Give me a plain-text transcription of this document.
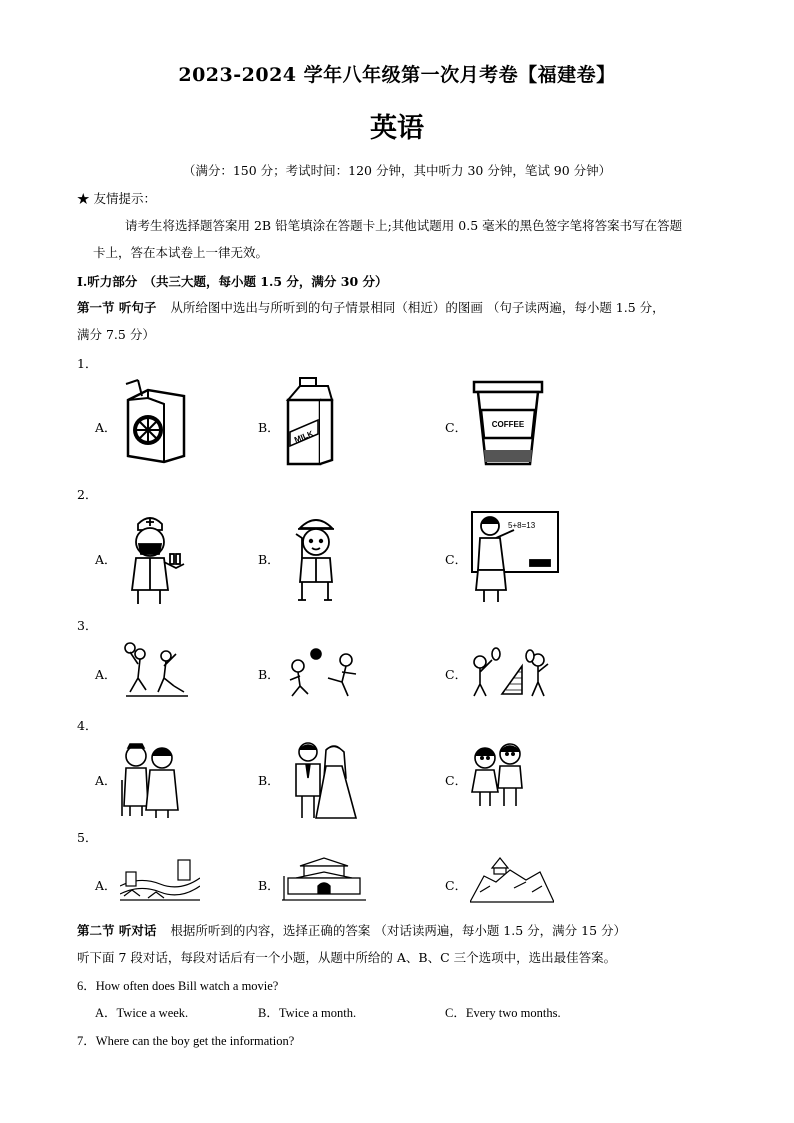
2023-2024 学年八年级第一次月考卷【福建卷】
英语
（满分：150 分；考试时间：120 分钟，其中听力 30 分钟，笔试 90 分钟）
★ 友情提示：
请考生将选择题答案用 2B 铅笔填涂在答题卡上;其他试题用 0.5 毫米的黑色签字笔将答案书写在答题
卡上，答在本试卷上一律无效。
I.听力部分　（共三大题，每小题 1.5 分，满分 30 分）
第一节 听句子 从所给图中选出与所听到的句子情景相同（相近）的图画 （句子读两遍，每小题 1.5 分，
满分 7.5 分）
1．
A．	B．
MILK
C．	COFFEE
2．
A．	B．	C．
5+8=13
3．
A．	B．	C．
4．
A．	B．	C．
5．
A．	B．	C．
第二节 听对话 根据所听到的内容，选择正确的答案 （对话读两遍，每小题 1.5 分，满分 15 分）
听下面 7 段对话，每段对话后有一个小题，从题中所给的 A、B、C 三个选项中，选出最佳答案。
6．How often does Bill watch a movie?
A．Twice a week.	B．Twice a month.	C．Every two months.
7．Where can the boy get the information?
